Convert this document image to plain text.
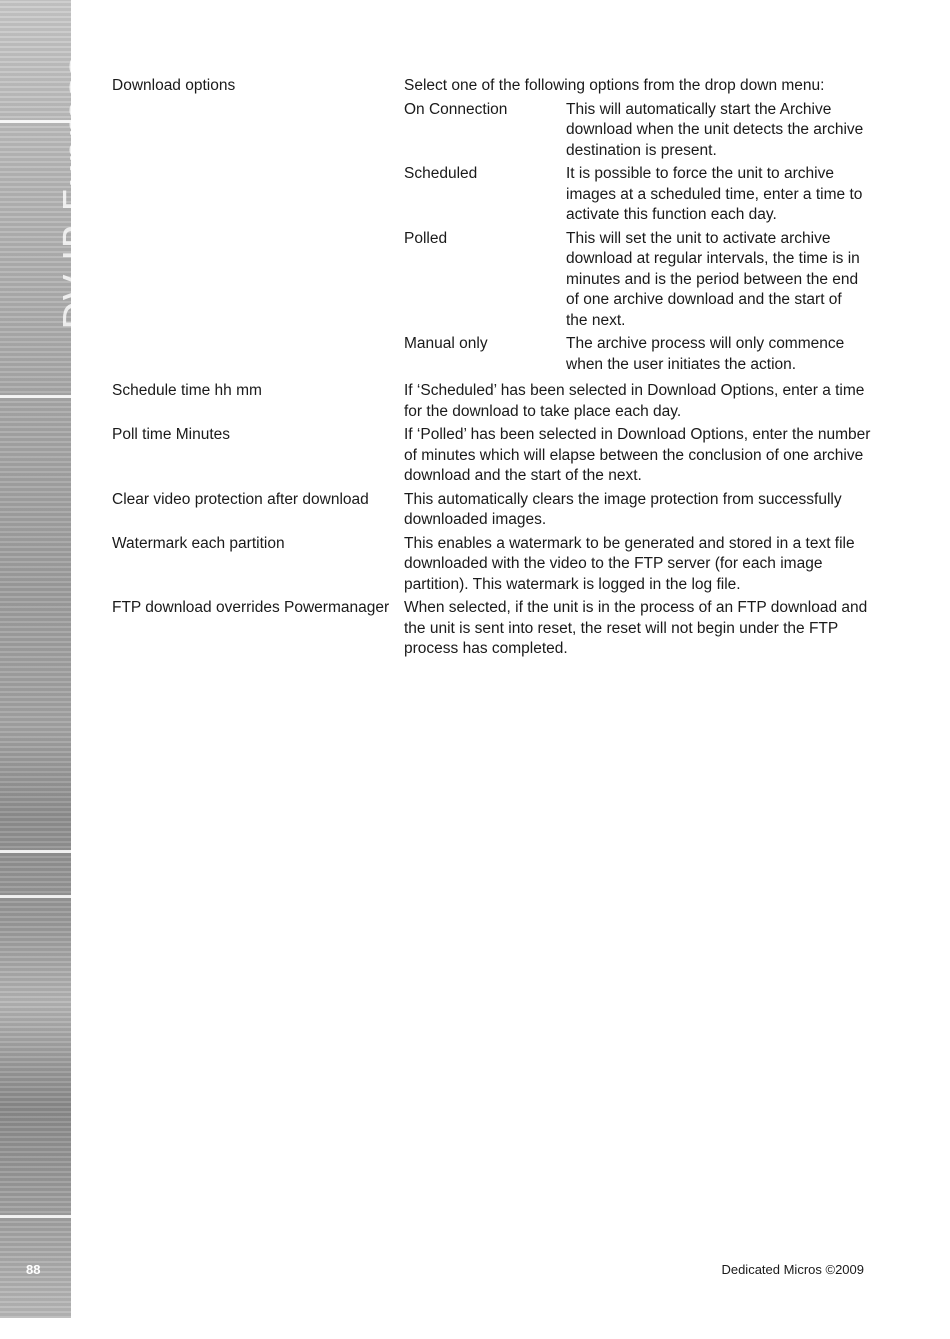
DV-IP Express
88
Download options	Select one of the following options from the drop down menu:
On Connection	This will automatically start the Archive download when the unit detects the archive destination is present.
Scheduled	It is possible to force the unit to archive images at a scheduled time, enter a time to activate this function each day.
Polled	This will set the unit to activate archive download at regular intervals, the time is in minutes and is the period between the end of one archive download and the start of the next.
Manual only	The archive process will only commence when the user initiates the action.

Schedule time hh mm	If ‘Scheduled’ has been selected in Download Options, enter a time for the download to take place each day.
Poll time Minutes	If ‘Polled’ has been selected in Download Options, enter the number of minutes which will elapse between the conclusion of one archive download and the start of the next.
Clear video protection after download	This automatically clears the image protection from successfully downloaded images.
Watermark each partition	This enables a watermark to be generated and stored in a text file downloaded with the video to the FTP server (for each image partition). This watermark is logged in the log file.
FTP download overrides Powermanager	When selected, if the unit is in the process of an FTP download and the unit is sent into reset, the reset will not begin under the FTP process has completed.
Dedicated Micros ©2009
